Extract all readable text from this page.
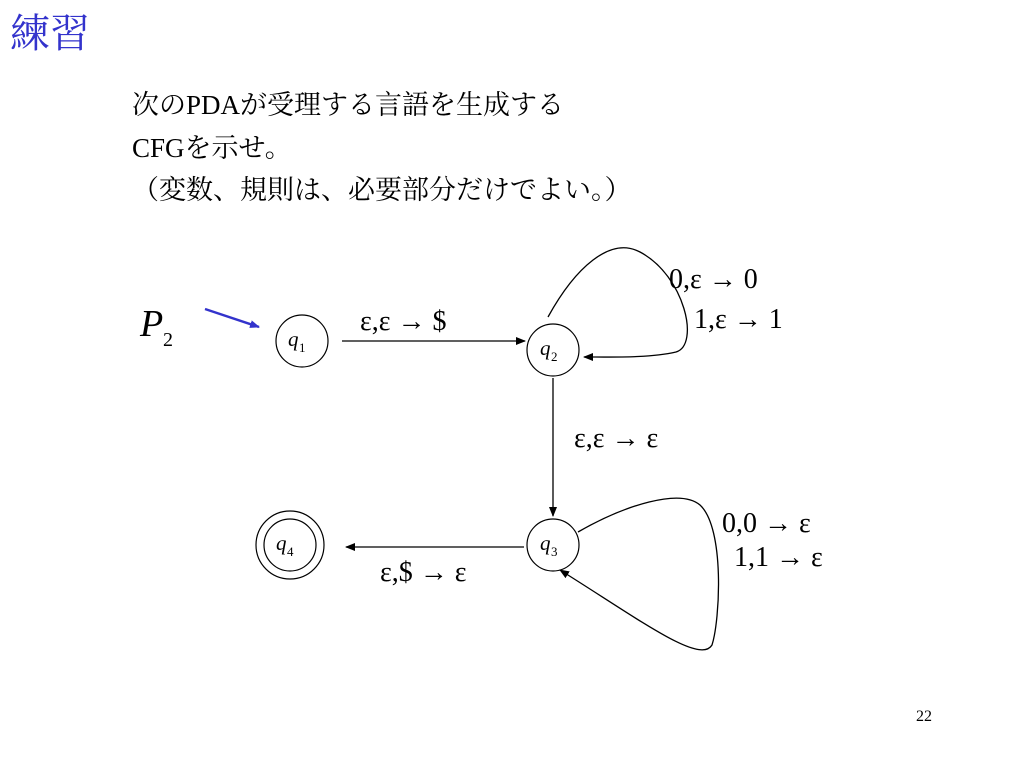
練習
次のPDAが受理する言語を生成する
CFGを示せ。
（変数、規則は、必要部分だけでよい。）
P 2	q 1	q 2
q 3
q 4
ε,ε → $
0,ε → 0
1,ε → 1
ε,ε → ε
0,0 → ε
1,1 → ε
ε,$ → ε
22
